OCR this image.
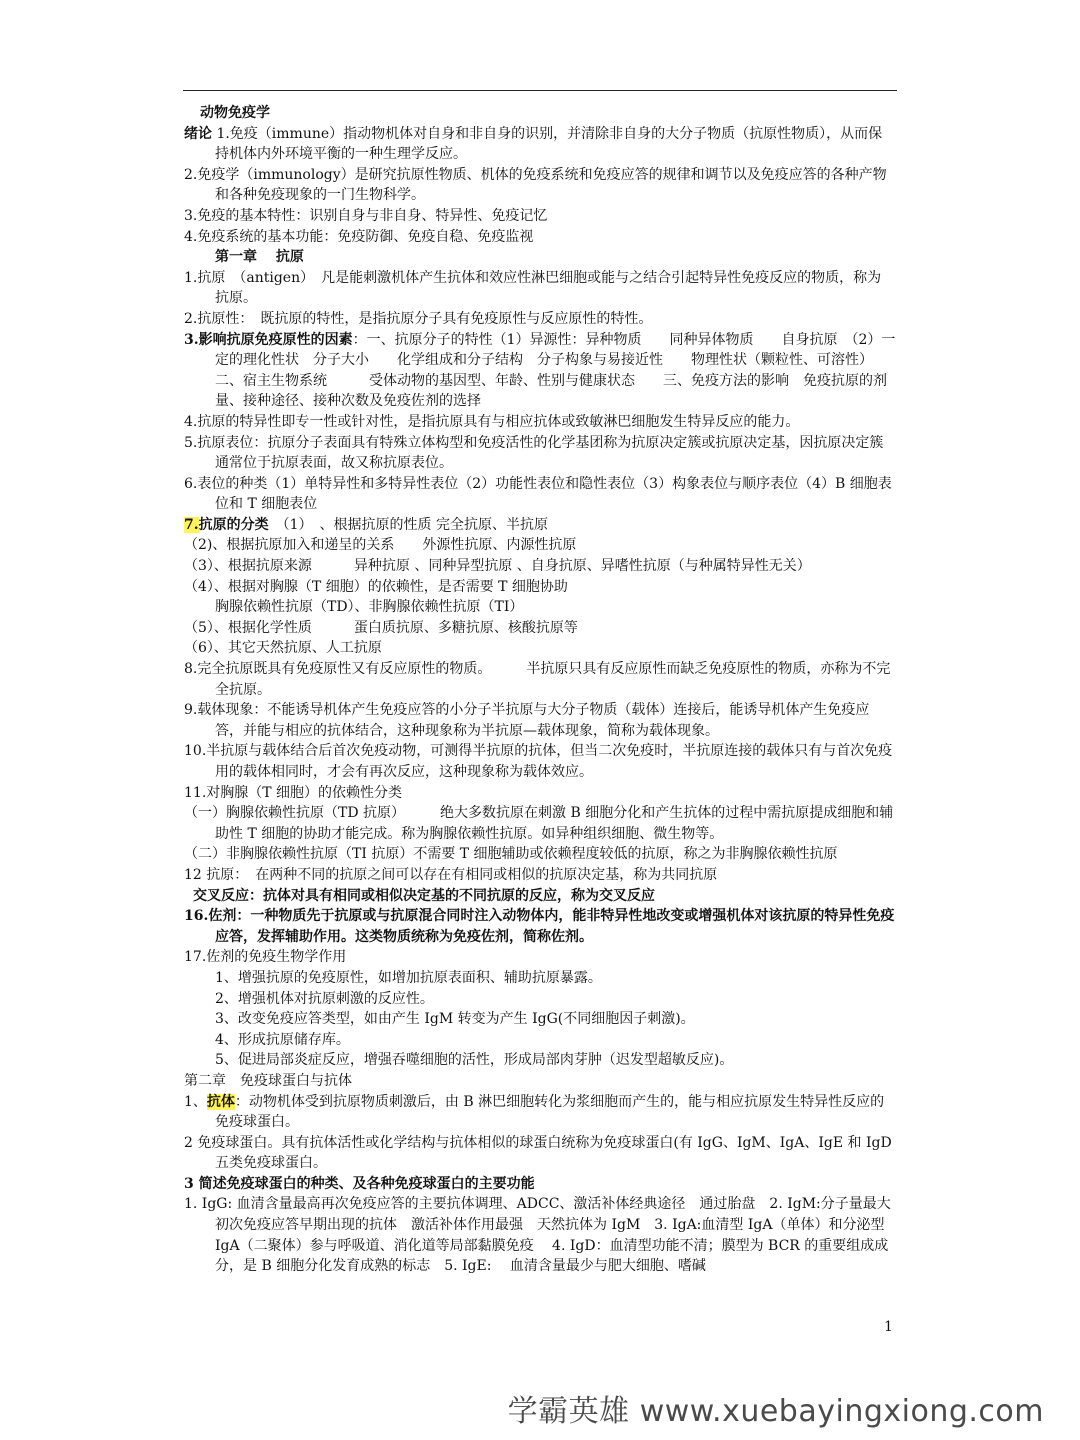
动物免疫学

绪论 1.免疫（immune）指动物机体对自身和非自身的识别，并清除非自身的大分子物质（抗原性物质），从而保持机体内外环境平衡的一种生理学反应。

2.免疫学（immunology）是研究抗原性物质、机体的免疫系统和免疫应答的规律和调节以及免疫应答的各种产物和各种免疫现象的一门生物科学。

3.免疫的基本特性：识别自身与非自身、特异性、免疫记忆

4.免疫系统的基本功能：免疫防御、免疫自稳、免疫监视

第一章　 抗原

1.抗原　（antigen）　凡是能刺激机体产生抗体和效应性淋巴细胞或能与之结合引起特异性免疫反应的物质，称为 抗原。

2.抗原性：　既抗原的特性，是指抗原分子具有免疫原性与反应原性的特性。

3.影响抗原免疫原性的因素：一、抗原分子的特性（1）异源性：异种物质　　同种异体物质　　自身抗原　（2）一定的理化性状　分子大小　　化学组成和分子结构　分子构象与易接近性　　物理性状（颗粒性、可溶性）　　二、宿主生物系统　　　受体动物的基因型、年龄、性别与健康状态　　三、免疫方法的影响　免疫抗原的剂量、接种途径、接种次数及免疫佐剂的选择

4.抗原的特异性即专一性或针对性，是指抗原具有与相应抗体或致敏淋巴细胞发生特异反应的能力。

5.抗原表位：抗原分子表面具有特殊立体构型和免疫活性的化学基团称为抗原决定簇或抗原决定基，因抗原决定簇通常位于抗原表面，故又称抗原表位。

6.表位的种类（1）单特异性和多特异性表位（2）功能性表位和隐性表位（3）构象表位与顺序表位（4）B 细胞表位和 T 细胞表位

7.抗原的分类　（1）　、根据抗原的性质 完全抗原、半抗原

（2)、根据抗原加入和递呈的关系　　外源性抗原、内源性抗原

（3）、根据抗原来源　　　异种抗原 、同种异型抗原 、自身抗原、异嗜性抗原（与种属特异性无关）

（4）、根据对胸腺（T 细胞）的依赖性，是否需要 T 细胞协助

胸腺依赖性抗原（TD）、非胸腺依赖性抗原（TI）

（5）、根据化学性质　　　蛋白质抗原、多糖抗原、核酸抗原等

（6）、其它天然抗原、人工抗原

8.完全抗原既具有免疫原性又有反应原性的物质。　　　半抗原只具有反应原性而缺乏免疫原性的物质，亦称为不完全抗原。

9.载体现象：不能诱导机体产生免疫应答的小分子半抗原与大分子物质（载体）连接后，能诱导机体产生免疫应答，并能与相应的抗体结合，这种现象称为半抗原—载体现象，简称为载体现象。

10.半抗原与载体结合后首次免疫动物，可测得半抗原的抗体，但当二次免疫时，半抗原连接的载体只有与首次免疫用的载体相同时，才会有再次反应，这种现象称为载体效应。

11.对胸腺（T 细胞）的依赖性分类

（一）胸腺依赖性抗原（TD 抗原）　　　绝大多数抗原在刺激 B 细胞分化和产生抗体的过程中需抗原提成细胞和辅助性 T 细胞的协助才能完成。称为胸腺依赖性抗原。如异种组织细胞、微生物等。

（二）非胸腺依赖性抗原（TI 抗原）不需要 T 细胞辅助或依赖程度较低的抗原，称之为非胸腺依赖性抗原

12 抗原：　在两种不同的抗原之间可以存在有相同或相似的抗原决定基，称为共同抗原

交叉反应：抗体对具有相同或相似决定基的不同抗原的反应，称为交叉反应

16.佐剂：一种物质先于抗原或与抗原混合同时注入动物体内，能非特异性地改变或增强机体对该抗原的特异性免疫应答，发挥辅助作用。这类物质统称为免疫佐剂，简称佐剂。

17.佐剂的免疫生物学作用

1、增强抗原的免疫原性，如增加抗原表面积、辅助抗原暴露。

2、增强机体对抗原刺激的反应性。

3、改变免疫应答类型，如由产生 IgM 转变为产生 IgG(不同细胞因子刺激)。

4、形成抗原储存库。

5、促进局部炎症反应，增强吞噬细胞的活性，形成局部肉芽肿（迟发型超敏反应)。

第二章　免疫球蛋白与抗体

1、抗体：动物机体受到抗原物质刺激后，由 B 淋巴细胞转化为浆细胞而产生的，能与相应抗原发生特异性反应的免疫球蛋白。

2 免疫球蛋白。具有抗体活性或化学结构与抗体相似的球蛋白统称为免疫球蛋白(有 IgG、IgM、IgA、IgE 和 IgD 五类免疫球蛋白。

3 简述免疫球蛋白的种类、及各种免疫球蛋白的主要功能

1. IgG: 血清含量最高再次免疫应答的主要抗体调理、ADCC、激活补体经典途径　通过胎盘　2. IgM:分子量最大初次免疫应答早期出现的抗体　激活补体作用最强　天然抗体为 IgM　3. IgA:血清型 IgA（单体）和分泌型 IgA（二聚体）参与呼吸道、消化道等局部黏膜免疫　 4. IgD：血清型功能不清；膜型为 BCR 的重要组成成分，是 B 细胞分化发育成熟的标志　5. IgE:　 血清含量最少与肥大细胞、嗜碱

1
学霸英雄 www.xuebayingxiong.com
